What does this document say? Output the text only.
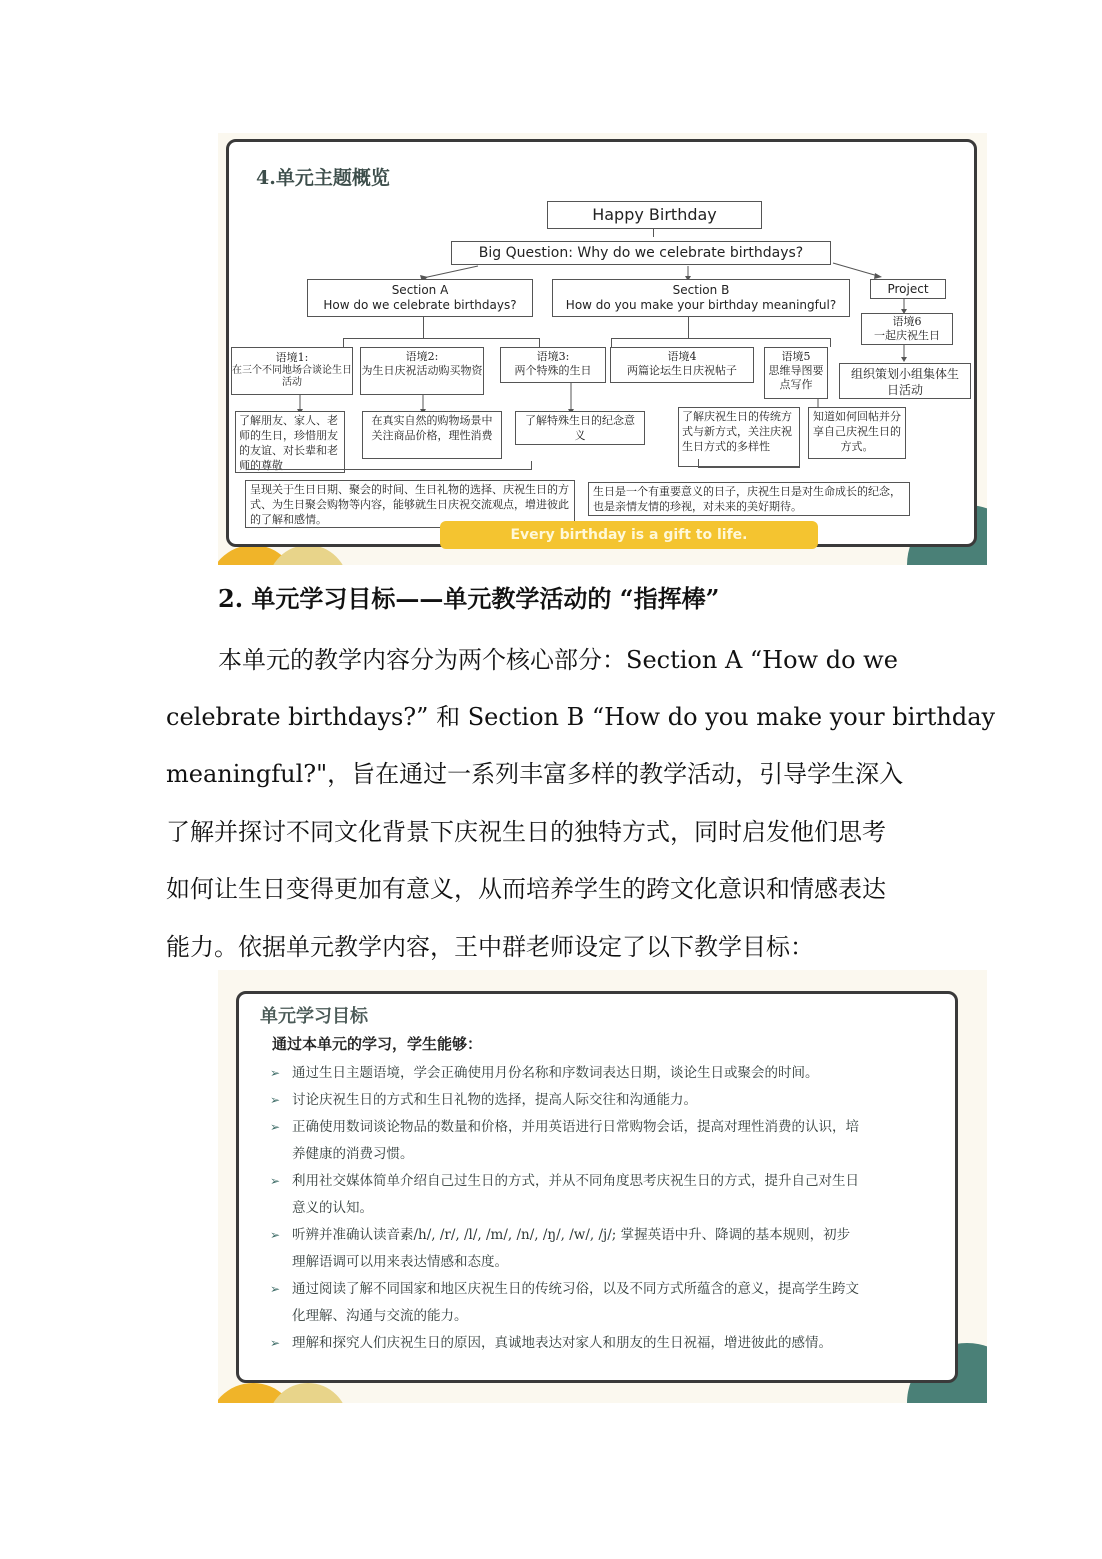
4.单元主题概览
Happy Birthday
Big Question: Why do we celebrate birthdays?
Section A
How do we celebrate birthdays?
Section B
How do you make your birthday meaningful?
Project
语境6
一起庆祝生日
组织策划小组集体生日活动
语境1:
在三个不同地场合谈论生日活动
语境2:
为生日庆祝活动购买物资
语境3:
两个特殊的生日
语境4
两篇论坛生日庆祝帖子
语境5
思维导图要点写作
了解朋友、家人、老师的生日，珍惜朋友的友谊、对长辈和老师的尊敬
在真实自然的购物场景中关注商品价格，理性消费
了解特殊生日的纪念意义
了解庆祝生日的传统方式与新方式，关注庆祝生日方式的多样性
知道如何回帖并分享自己庆祝生日的方式。
呈现关于生日日期、聚会的时间、生日礼物的选择、庆祝生日的方式、为生日聚会购物等内容，能够就生日庆祝交流观点，增进彼此的了解和感情。
生日是一个有重要意义的日子，庆祝生日是对生命成长的纪念，也是亲情友情的珍视，对未来的美好期待。
Every birthday is a gift to life.
2. 单元学习目标——单元教学活动的 “指挥棒”
本单元的教学内容分为两个核心部分：Section A “How do we
celebrate birthdays?” 和 Section B “How do you make your birthday
meaningful?"，旨在通过一系列丰富多样的教学活动，引导学生深入
了解并探讨不同文化背景下庆祝生日的独特方式，同时启发他们思考
如何让生日变得更加有意义，从而培养学生的跨文化意识和情感表达
能力。依据单元教学内容，王中群老师设定了以下教学目标：
单元学习目标
通过本单元的学习，学生能够：
➢ 通过生日主题语境，学会正确使用月份名称和序数词表达日期，谈论生日或聚会的时间。
➢ 讨论庆祝生日的方式和生日礼物的选择，提高人际交往和沟通能力。
➢ 正确使用数词谈论物品的数量和价格，并用英语进行日常购物会话，提高对理性消费的认识，培
养健康的消费习惯。
➢ 利用社交媒体简单介绍自己过生日的方式，并从不同角度思考庆祝生日的方式，提升自己对生日
意义的认知。
➢ 听辨并准确认读音素/h/, /r/, /l/, /m/, /n/, /ŋ/, /w/, /j/; 掌握英语中升、降调的基本规则，初步
理解语调可以用来表达情感和态度。
➢ 通过阅读了解不同国家和地区庆祝生日的传统习俗，以及不同方式所蕴含的意义，提高学生跨文
化理解、沟通与交流的能力。
➢ 理解和探究人们庆祝生日的原因，真诚地表达对家人和朋友的生日祝福，增进彼此的感情。
